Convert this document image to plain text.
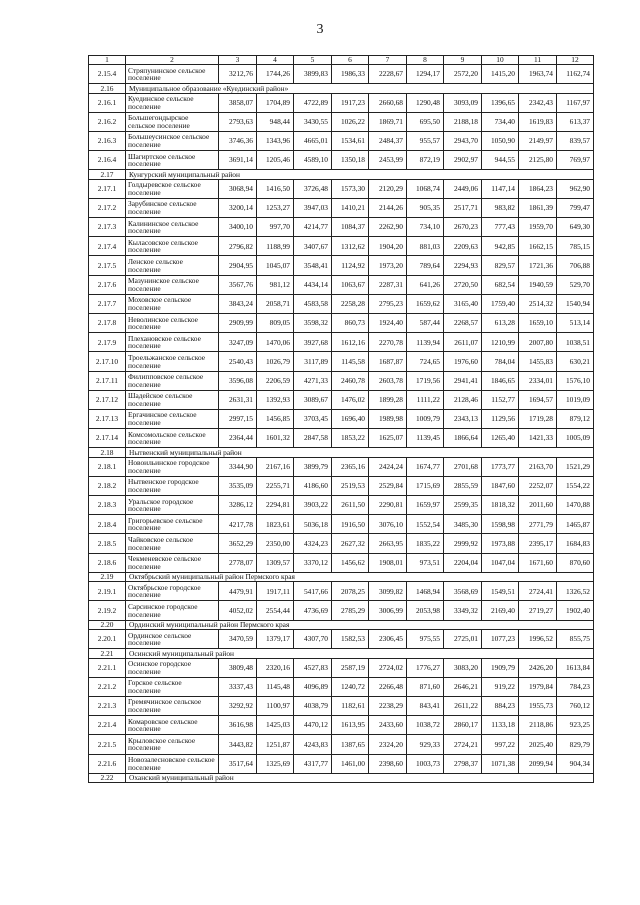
3
1	2	3	4	5	6	7	8	9	10	11	12
2.15.4	Стряпунинское сельское поселение	3212,76	1744,26	3899,83	1986,33	2228,67	1294,17	2572,20	1415,20	1963,74	1162,74
2.16	Муниципальное образование «Куединский район»										
2.16.1	Куединское сельское поселение	3858,07	1704,89	4722,89	1917,23	2660,68	1290,48	3093,09	1396,65	2342,43	1167,97
2.16.2	Большегондырское сельское поселение	2793,63	948,44	3430,55	1026,22	1869,71	695,50	2188,18	734,40	1619,83	613,37
2.16.3	Большеусинское сельское поселение	3746,36	1343,96	4665,01	1534,61	2484,37	955,57	2943,70	1050,90	2149,97	839,57
2.16.4	Шагиртское сельское поселение	3691,14	1205,46	4589,10	1350,18	2453,99	872,19	2902,97	944,55	2125,80	769,97
2.17	Кунгурский муниципальный район										
2.17.1	Голдыревское сельское поселение	3068,94	1416,50	3726,48	1573,30	2120,29	1068,74	2449,06	1147,14	1864,23	962,90
2.17.2	Зарубинское сельское поселение	3200,14	1253,27	3947,03	1410,21	2144,26	905,35	2517,71	983,82	1861,39	799,47
2.17.3	Калининское сельское поселение	3400,10	997,70	4214,77	1084,37	2262,90	734,10	2670,23	777,43	1959,70	649,30
2.17.4	Кыласовское сельское поселение	2796,82	1188,99	3407,67	1312,62	1904,20	881,03	2209,63	942,85	1662,15	785,15
2.17.5	Ленское сельское поселение	2904,95	1045,07	3548,41	1124,92	1973,20	789,64	2294,93	829,57	1721,36	706,88
2.17.6	Мазунинское сельское поселение	3567,76	981,12	4434,14	1063,67	2287,31	641,26	2720,50	682,54	1940,59	529,70
2.17.7	Моховское сельское поселение	3843,24	2058,71	4583,58	2258,28	2795,23	1659,62	3165,40	1759,40	2514,32	1540,94
2.17.8	Неволинское сельское поселение	2909,99	809,05	3598,32	860,73	1924,40	587,44	2268,57	613,28	1659,10	513,14
2.17.9	Плехановское сельское поселение	3247,09	1470,06	3927,68	1612,16	2270,78	1139,94	2611,07	1210,99	2007,80	1038,51
2.17.10	Троельжанское сельское поселение	2540,43	1026,79	3117,89	1145,58	1687,87	724,65	1976,60	784,04	1455,83	630,21
2.17.11	Филипповское сельское поселение	3596,08	2206,59	4271,33	2460,78	2603,78	1719,56	2941,41	1846,65	2334,01	1576,10
2.17.12	Шадейское сельское поселение	2631,31	1392,93	3089,67	1476,02	1899,28	1111,22	2128,46	1152,77	1694,57	1019,09
2.17.13	Ергачинское сельское поселение	2997,15	1456,85	3703,45	1696,40	1989,98	1009,79	2343,13	1129,56	1719,28	879,12
2.17.14	Комсомольское сельское поселение	2364,44	1601,32	2847,58	1853,22	1625,07	1139,45	1866,64	1265,40	1421,33	1005,09
2.18	Нытвенский муниципальный район										
2.18.1	Новоильинское городское поселение	3344,90	2167,16	3899,79	2365,16	2424,24	1674,77	2701,68	1773,77	2163,70	1521,29
2.18.2	Нытвенское городское поселение	3535,09	2255,71	4186,60	2519,53	2529,84	1715,69	2855,59	1847,60	2252,07	1554,22
2.18.3	Уральское городское поселение	3286,12	2294,81	3903,22	2611,50	2290,81	1659,97	2599,35	1818,32	2011,60	1470,88
2.18.4	Григорьевское сельское поселение	4217,78	1823,61	5036,18	1916,50	3076,10	1552,54	3485,30	1598,98	2771,79	1465,87
2.18.5	Чайковское сельское поселение	3652,29	2350,00	4324,23	2627,32	2663,95	1835,22	2999,92	1973,88	2395,17	1684,83
2.18.6	Чекменевское сельское поселение	2778,07	1309,57	3370,12	1456,62	1908,01	973,51	2204,04	1047,04	1671,60	870,60
2.19	Октябрьский муниципальный район Пермского края										
2.19.1	Октябрьское городское поселение	4479,91	1917,11	5417,66	2078,25	3099,82	1468,94	3568,69	1549,51	2724,41	1326,52
2.19.2	Сарсинское городское поселение	4052,02	2554,44	4736,69	2785,29	3006,99	2053,98	3349,32	2169,40	2719,27	1902,40
2.20	Ординский муниципальный район Пермского края										
2.20.1	Ординское сельское поселение	3470,59	1379,17	4307,70	1582,53	2306,45	975,55	2725,01	1077,23	1996,52	855,75
2.21	Осинский муниципальный район										
2.21.1	Осинское городское поселение	3809,48	2320,16	4527,83	2587,19	2724,02	1776,27	3083,20	1909,79	2426,20	1613,84
2.21.2	Горское сельское поселение	3337,43	1145,48	4096,89	1240,72	2266,48	871,60	2646,21	919,22	1979,84	784,23
2.21.3	Гремячинское сельское поселение	3292,92	1100,97	4038,79	1182,61	2238,29	843,41	2611,22	884,23	1955,73	760,12
2.21.4	Комаровское сельское поселение	3616,98	1425,03	4470,12	1613,95	2433,60	1038,72	2860,17	1133,18	2118,86	923,25
2.21.5	Крыловское сельское поселение	3443,82	1251,87	4243,83	1387,65	2324,20	929,33	2724,21	997,22	2025,40	829,79
2.21.6	Новозалесновское сельское поселение	3517,64	1325,69	4317,77	1461,00	2398,60	1003,73	2798,37	1071,38	2099,94	904,34
2.22	Оханский муниципальный район										
